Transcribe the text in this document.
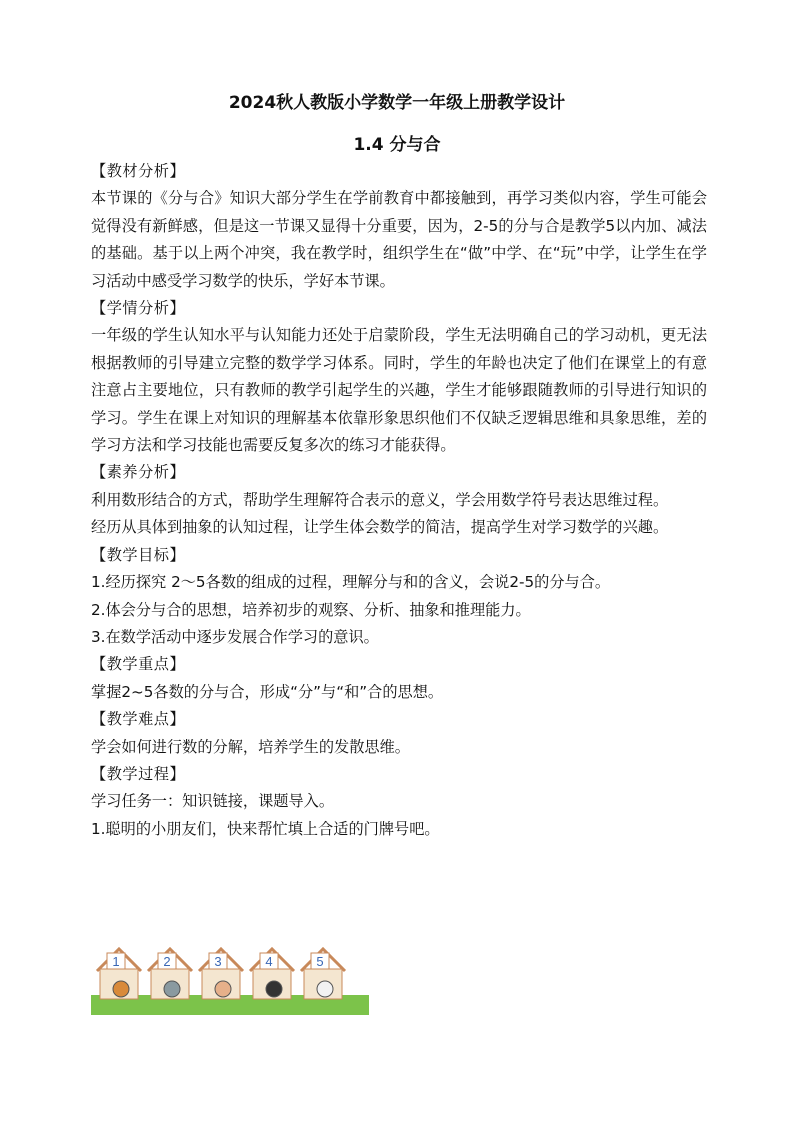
2024秋人教版小学数学一年级上册教学设计
1.4 分与合

【教材分析】

本节课的《分与合》知识大部分学生在学前教育中都接触到，再学习类似内容，学生可能会觉得没有新鲜感，但是这一节课又显得十分重要，因为，2-5的分与合是教学5以内加、减法的基础。基于以上两个冲突，我在教学时，组织学生在“做”中学、在“玩”中学，让学生在学习活动中感受学习数学的快乐，学好本节课。

【学情分析】

一年级的学生认知水平与认知能力还处于启蒙阶段，学生无法明确自己的学习动机，更无法根据教师的引导建立完整的数学学习体系。同时，学生的年龄也决定了他们在课堂上的有意注意占主要地位，只有教师的教学引起学生的兴趣，学生才能够跟随教师的引导进行知识的学习。学生在课上对知识的理解基本依靠形象思织他们不仅缺乏逻辑思维和具象思维，差的学习方法和学习技能也需要反复多次的练习才能获得。

【素养分析】

利用数形结合的方式，帮助学生理解符合表示的意义，学会用数学符号表达思维过程。

经历从具体到抽象的认知过程，让学生体会数学的简洁，提高学生对学习数学的兴趣。

【教学目标】

1.经历探究 2～5各数的组成的过程，理解分与和的含义，会说2-5的分与合。

2.体会分与合的思想，培养初步的观察、分析、抽象和推理能力。

3.在数学活动中逐步发展合作学习的意识。

【教学重点】

掌握2~5各数的分与合，形成“分”与“和”合的思想。

【教学难点】

学会如何进行数的分解，培养学生的发散思维。

【教学过程】

学习任务一：知识链接，课题导入。

1.聪明的小朋友们，快来帮忙填上合适的门牌号吧。

1	2	3	4	5
